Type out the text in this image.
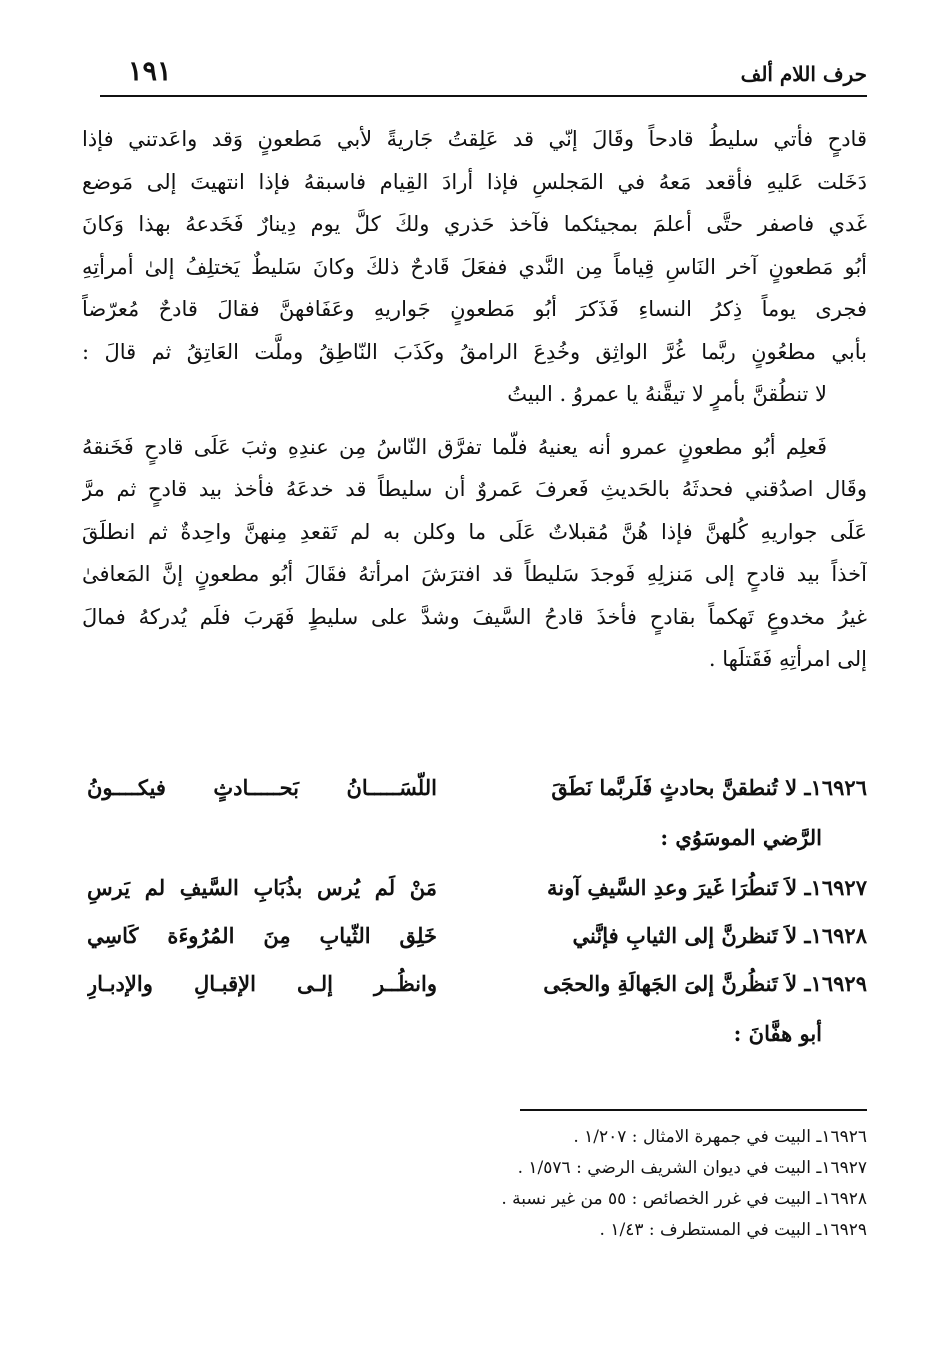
حرف اللام ألف
١٩١
قادحٍ فأتي سليطُ قادحاً وقَالَ إنّي قد عَلِقتُ جَاريةً لأبي مَطعونٍ وَقد واعَدتني فإذا
دَخَلت عَليهِ فأقعد مَعهُ في المَجلسِ فإذا أرادَ القِيام فاسبقهُ فإذا انتهيتَ إلى مَوضع
غَدي فاصفر حتَّى أعلمَ بمجيئكما فآخذ حَذري ولكَ كلَّ يوم دِينارٌ فَخَدعهُ بهذا وَكانَ
أبُو مَطعونٍ آخر النَاسِ قِياماً مِن النَّدي ففعَلَ قَادحٌ ذلكَ وكانَ سَليطٌ يَختلِفُ إلىٰ أمرأتِهِ
فجرى يوماً ذِكرُ النساءِ فَذَكرَ أبُو مَطعونٍ جَواريهِ وعَفَافهنَّ فقالَ قادحٌ مُعرّضاً
بأبي مطعُونٍ ربَّما غُرَّ الواثِق وخُدِعَ الرامقُ وكَذَبَ النّاطِقُ وملَّت العَاتِقُ ثم قالَ :
لا تنطُقنَّ بأمرٍ لا تيقَّنهُ يا عمروُ . البيتُ
فَعلِم أبُو مطعونٍ عمرو أنه يعنيهُ فلّما تفرَّق النّاسُ مِن عندِهِ وثبَ عَلَى قادحٍ فَخَنقهُ
وقَال اصدُقني فحدثَهُ بالحَديثِ فَعرفَ عَمروٌ أن سليطاً قد خدعَهُ فأخذ بيد قادحٍ ثم مرَّ
عَلَى جواريهِ كُلهنَّ فإذا هُنَّ مُقبلاتٌ عَلَى ما وكلن به لم تَقعدِ مِنهنَّ واحِدةٌ ثم انطلَقَ
آخذاً بيد قادحٍ إلى مَنزلِهِ فَوجدَ سَليطاً قد افترَشَ امرأتهُ فقَالَ أبُو مطعونٍ إنَّ المَعافىٰ
غيرُ مخدوعٍ تَهكماً بقادحٍ فأخذَ قادحُ السَّيفَ وشدَّ على سليطٍ فَهَربَ فلَم يُدركهُ فمالَ
إلى امرأتِهِ فَقَتلَها .
١٦٩٢٦ـ لا تُنطقنَّ بحادثٍ فَلَربَّما نَطَقَ
اللّسَـــــانُ بَحـــــادثٍ فيكــــونُ
الرَّضي الموسَوُي :
١٦٩٢٧ـ لاَ تَنطُرَا غَيرَ وعدِ السَّيفِ آونة
مَنْ لَم يُرس بذُبَابِ السَّيفِ لم يَرسِ
١٦٩٢٨ـ لاَ تَنظرنَّ إلى الثيابِ فإنَّني
خَلِق الثّيابِ مِنَ المُرُوءَة كَاسِي
١٦٩٢٩ـ لاَ تَنظُرنَّ إلىَ الجَهالَةِ والحجَى
وانظُــر إلـى الإقبـالِ والإدبـارِ
أبو هفَّانَ :
١٦٩٢٦ـ البيت في جمهرة الامثال : ١/٢٠٧ .
١٦٩٢٧ـ البيت في ديوان الشريف الرضي : ١/٥٧٦ .
١٦٩٢٨ـ البيت في غرر الخصائص : ٥٥ من غير نسبة .
١٦٩٢٩ـ البيت في المستطرف : ١/٤٣ .
